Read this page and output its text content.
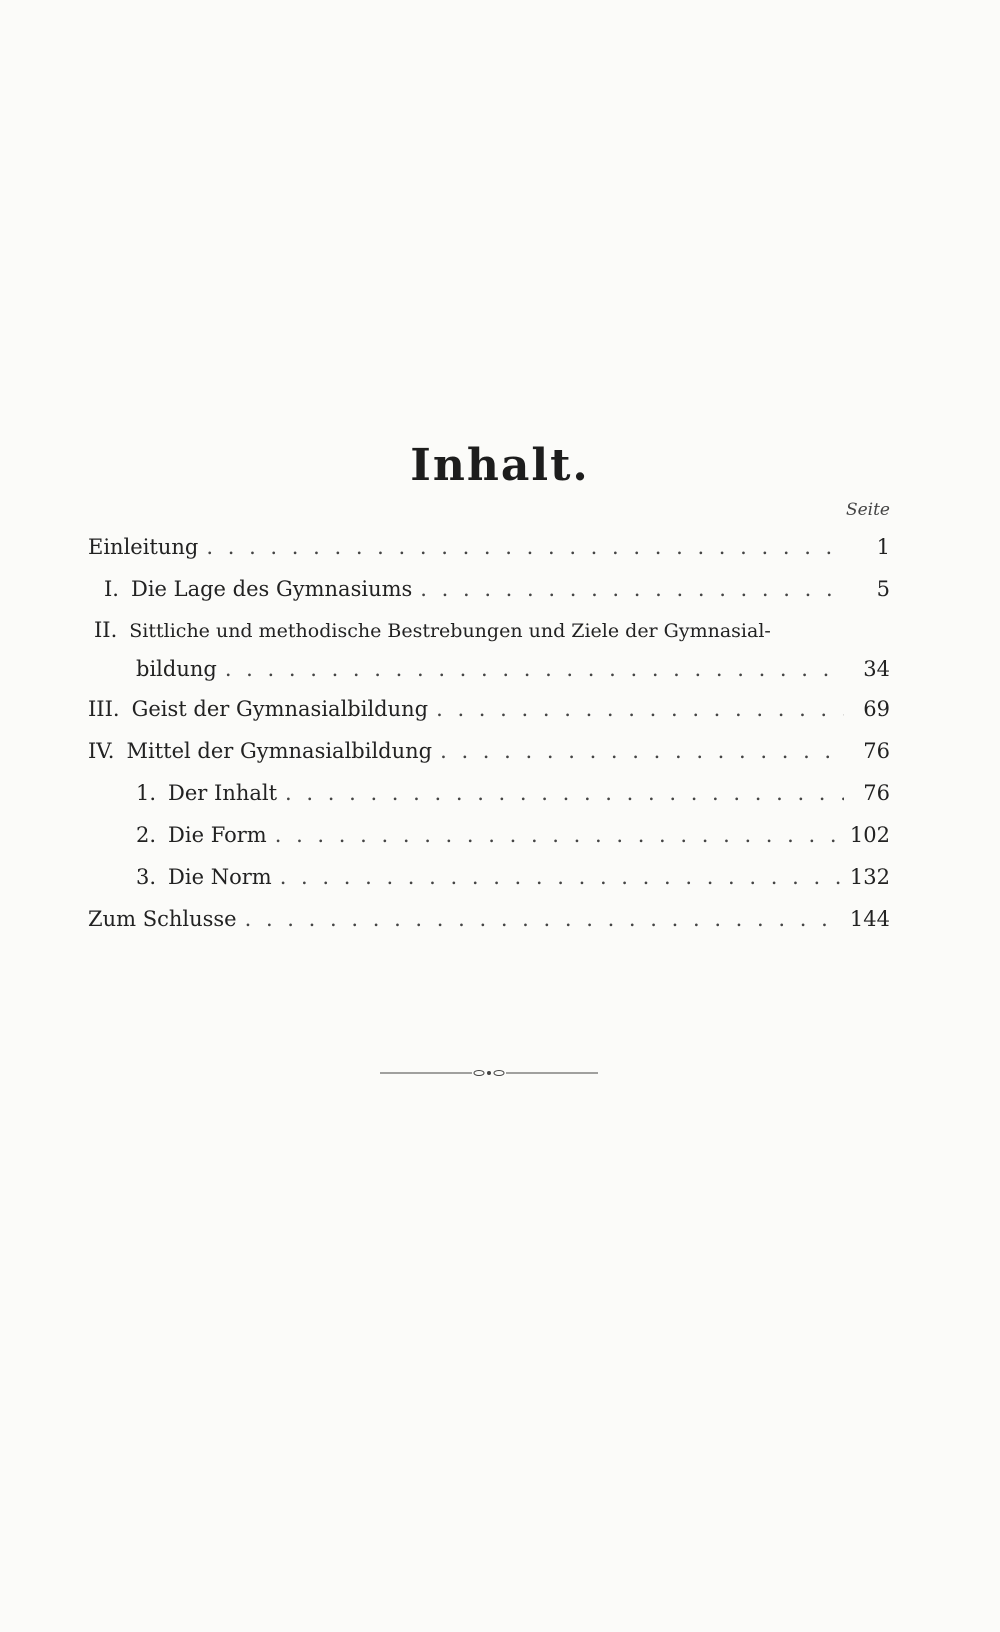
Inhalt.
Seite
Einleitung . . .	1
I. Die Lage des Gymnasiums . . .	5
II. Sittliche und methodische Bestrebungen und Ziele der Gymnasial-
bildung . . .	34
III. Geist der Gymnasialbildung . . .	69
IV. Mittel der Gymnasialbildung . . .	76
1. Der Inhalt . . .	76
2. Die Form . . .	102
3. Die Norm . . .	132
Zum Schlusse . . .	144
